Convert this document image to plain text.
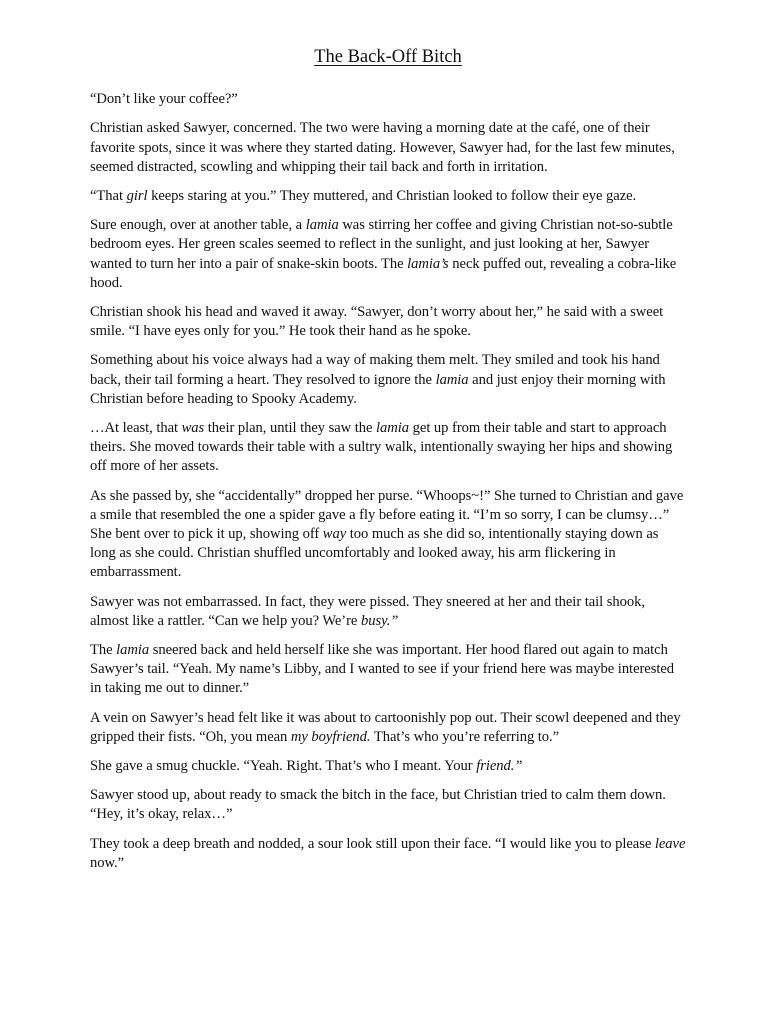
The Back-Off Bitch

“Don’t like your coffee?”

Christian asked Sawyer, concerned. The two were having a morning date at the café, one of their favorite spots, since it was where they started dating. However, Sawyer had, for the last few minutes, seemed distracted, scowling and whipping their tail back and forth in irritation.

“That girl keeps staring at you.” They muttered, and Christian looked to follow their eye gaze.

Sure enough, over at another table, a lamia was stirring her coffee and giving Christian not-so-subtle bedroom eyes. Her green scales seemed to reflect in the sunlight, and just looking at her, Sawyer wanted to turn her into a pair of snake-skin boots. The lamia’s neck puffed out, revealing a cobra-like hood.

Christian shook his head and waved it away. “Sawyer, don’t worry about her,” he said with a sweet smile. “I have eyes only for you.” He took their hand as he spoke.

Something about his voice always had a way of making them melt. They smiled and took his hand back, their tail forming a heart. They resolved to ignore the lamia and just enjoy their morning with Christian before heading to Spooky Academy.

…At least, that was their plan, until they saw the lamia get up from their table and start to approach theirs. She moved towards their table with a sultry walk, intentionally swaying her hips and showing off more of her assets.

As she passed by, she “accidentally” dropped her purse. “Whoops~!” She turned to Christian and gave a smile that resembled the one a spider gave a fly before eating it. “I’m so sorry, I can be clumsy…” She bent over to pick it up, showing off way too much as she did so, intentionally staying down as long as she could. Christian shuffled uncomfortably and looked away, his arm flickering in embarrassment.

Sawyer was not embarrassed. In fact, they were pissed. They sneered at her and their tail shook, almost like a rattler. “Can we help you? We’re busy.”

The lamia sneered back and held herself like she was important. Her hood flared out again to match Sawyer’s tail. “Yeah. My name’s Libby, and I wanted to see if your friend here was maybe interested in taking me out to dinner.”

A vein on Sawyer’s head felt like it was about to cartoonishly pop out. Their scowl deepened and they gripped their fists. “Oh, you mean my boyfriend. That’s who you’re referring to.”

She gave a smug chuckle. “Yeah. Right. That’s who I meant. Your friend.”

Sawyer stood up, about ready to smack the bitch in the face, but Christian tried to calm them down. “Hey, it’s okay, relax…”

They took a deep breath and nodded, a sour look still upon their face. “I would like you to please leave now.”
